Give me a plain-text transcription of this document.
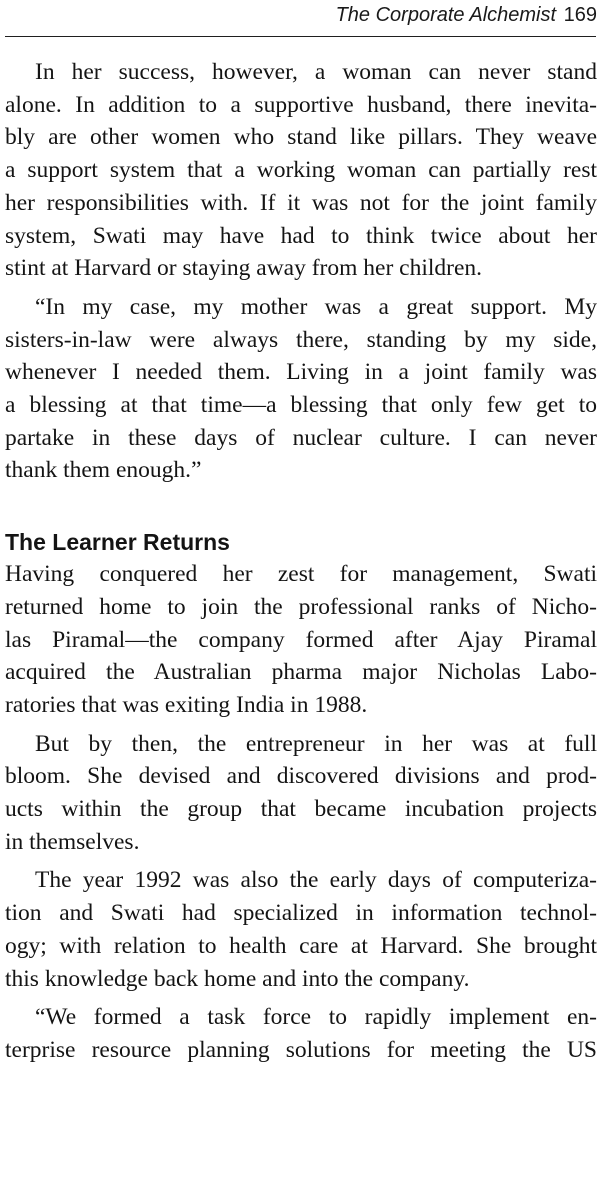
The Corporate Alchemist 169

In her success, however, a woman can never stand
alone. In addition to a supportive husband, there inevita-
bly are other women who stand like pillars. They weave
a support system that a working woman can partially rest
her responsibilities with. If it was not for the joint family
system, Swati may have had to think twice about her
stint at Harvard or staying away from her children.

“In my case, my mother was a great support. My
sisters-in-law were always there, standing by my side,
whenever I needed them. Living in a joint family was
a blessing at that time—a blessing that only few get to
partake in these days of nuclear culture. I can never
thank them enough.”

The Learner Returns

Having conquered her zest for management, Swati
returned home to join the professional ranks of Nicho-
las Piramal—the company formed after Ajay Piramal
acquired the Australian pharma major Nicholas Labo-
ratories that was exiting India in 1988.

But by then, the entrepreneur in her was at full
bloom. She devised and discovered divisions and prod-
ucts within the group that became incubation projects
in themselves.

The year 1992 was also the early days of computeriza-
tion and Swati had specialized in information technol-
ogy; with relation to health care at Harvard. She brought
this knowledge back home and into the company.

“We formed a task force to rapidly implement en-
terprise resource planning solutions for meeting the US
